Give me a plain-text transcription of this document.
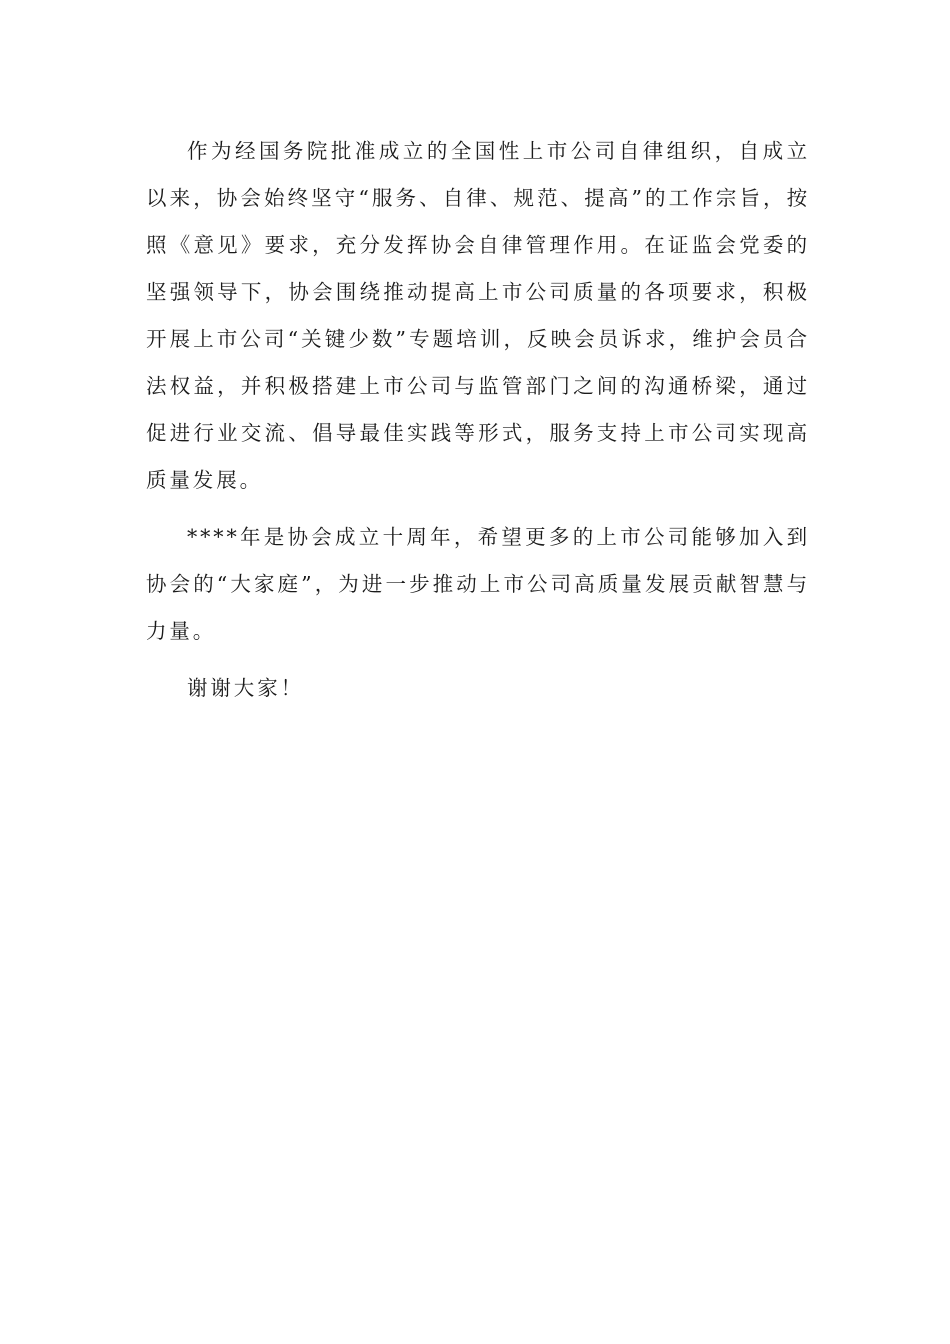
作为经国务院批准成立的全国性上市公司自律组织，自成立以来，协会始终坚守“服务、自律、规范、提高”的工作宗旨，按照《意见》要求，充分发挥协会自律管理作用。在证监会党委的坚强领导下，协会围绕推动提高上市公司质量的各项要求，积极开展上市公司“关键少数”专题培训，反映会员诉求，维护会员合法权益，并积极搭建上市公司与监管部门之间的沟通桥梁，通过促进行业交流、倡导最佳实践等形式，服务支持上市公司实现高质量发展。

****年是协会成立十周年，希望更多的上市公司能够加入到协会的“大家庭”，为进一步推动上市公司高质量发展贡献智慧与力量。

谢谢大家！
